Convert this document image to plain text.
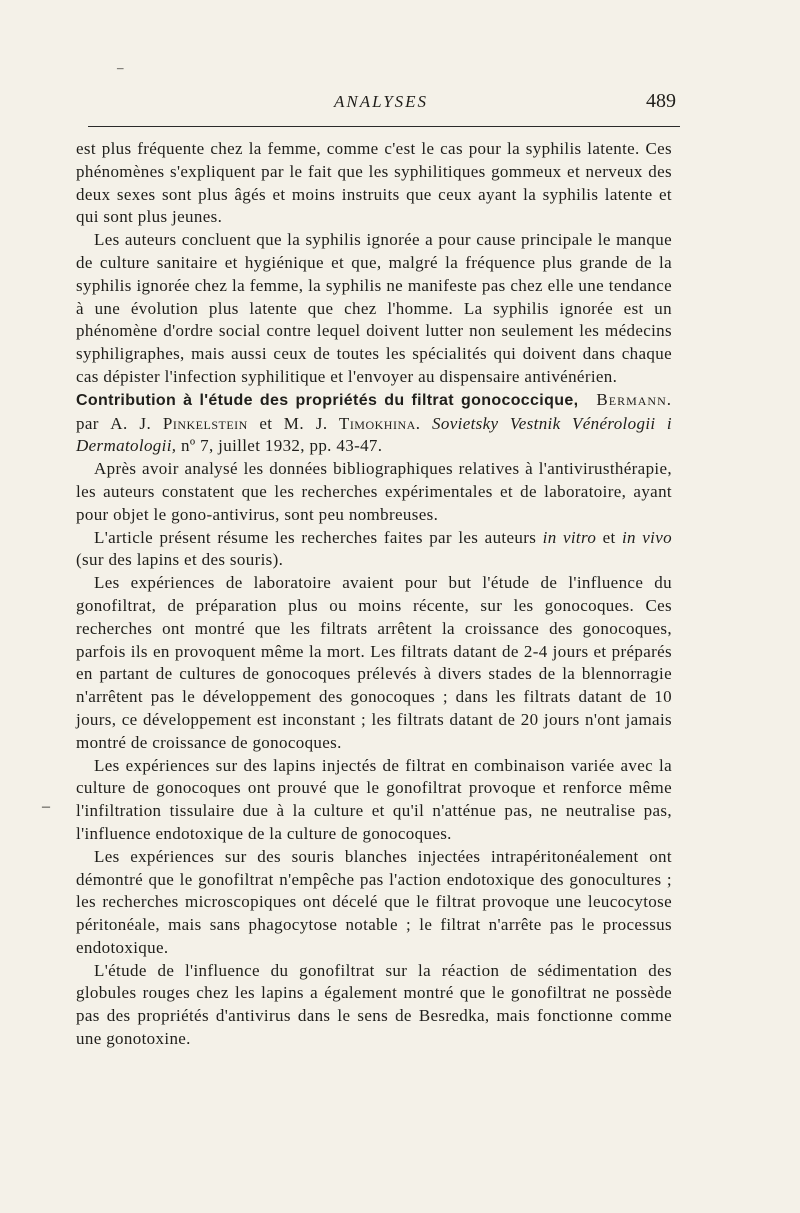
ANALYSES	489
–
–

est plus fréquente chez la femme, comme c'est le cas pour la syphilis latente. Ces phénomènes s'expliquent par le fait que les syphilitiques gommeux et nerveux des deux sexes sont plus âgés et moins instruits que ceux ayant la syphilis latente et qui sont plus jeunes.

Les auteurs concluent que la syphilis ignorée a pour cause principale le manque de culture sanitaire et hygiénique et que, malgré la fréquence plus grande de la syphilis ignorée chez la femme, la syphilis ne manifeste pas chez elle une tendance à une évolution plus latente que chez l'homme. La syphilis ignorée est un phénomène d'ordre social contre lequel doivent lutter non seulement les médecins syphiligraphes, mais aussi ceux de toutes les spécialités qui doivent dans chaque cas dépister l'infection syphilitique et l'envoyer au dispensaire antivénérien.
Bermann.

Contribution à l'étude des propriétés du filtrat gonococcique, par A. J. Pinkelstein et M. J. Timokhina. Sovietsky Vestnik Vénérologii i Dermatologii, nº 7, juillet 1932, pp. 43-47.

Après avoir analysé les données bibliographiques relatives à l'antivirusthérapie, les auteurs constatent que les recherches expérimentales et de laboratoire, ayant pour objet le gono-antivirus, sont peu nombreuses.

L'article présent résume les recherches faites par les auteurs in vitro et in vivo (sur des lapins et des souris).

Les expériences de laboratoire avaient pour but l'étude de l'influence du gonofiltrat, de préparation plus ou moins récente, sur les gonocoques. Ces recherches ont montré que les filtrats arrêtent la croissance des gonocoques, parfois ils en provoquent même la mort. Les filtrats datant de 2-4 jours et préparés en partant de cultures de gonocoques prélevés à divers stades de la blennorragie n'arrêtent pas le développement des gonocoques ; dans les filtrats datant de 10 jours, ce développement est inconstant ; les filtrats datant de 20 jours n'ont jamais montré de croissance de gonocoques.

Les expériences sur des lapins injectés de filtrat en combinaison variée avec la culture de gonocoques ont prouvé que le gonofiltrat provoque et renforce même l'infiltration tissulaire due à la culture et qu'il n'atténue pas, ne neutralise pas, l'influence endotoxique de la culture de gonocoques.

Les expériences sur des souris blanches injectées intrapéritonéalement ont démontré que le gonofiltrat n'empêche pas l'action endotoxique des gonocultures ; les recherches microscopiques ont décelé que le filtrat provoque une leucocytose péritonéale, mais sans phagocytose notable ; le filtrat n'arrête pas le processus endotoxique.

L'étude de l'influence du gonofiltrat sur la réaction de sédimentation des globules rouges chez les lapins a également montré que le gonofiltrat ne possède pas des propriétés d'antivirus dans le sens de Besredka, mais fonctionne comme une gonotoxine.
